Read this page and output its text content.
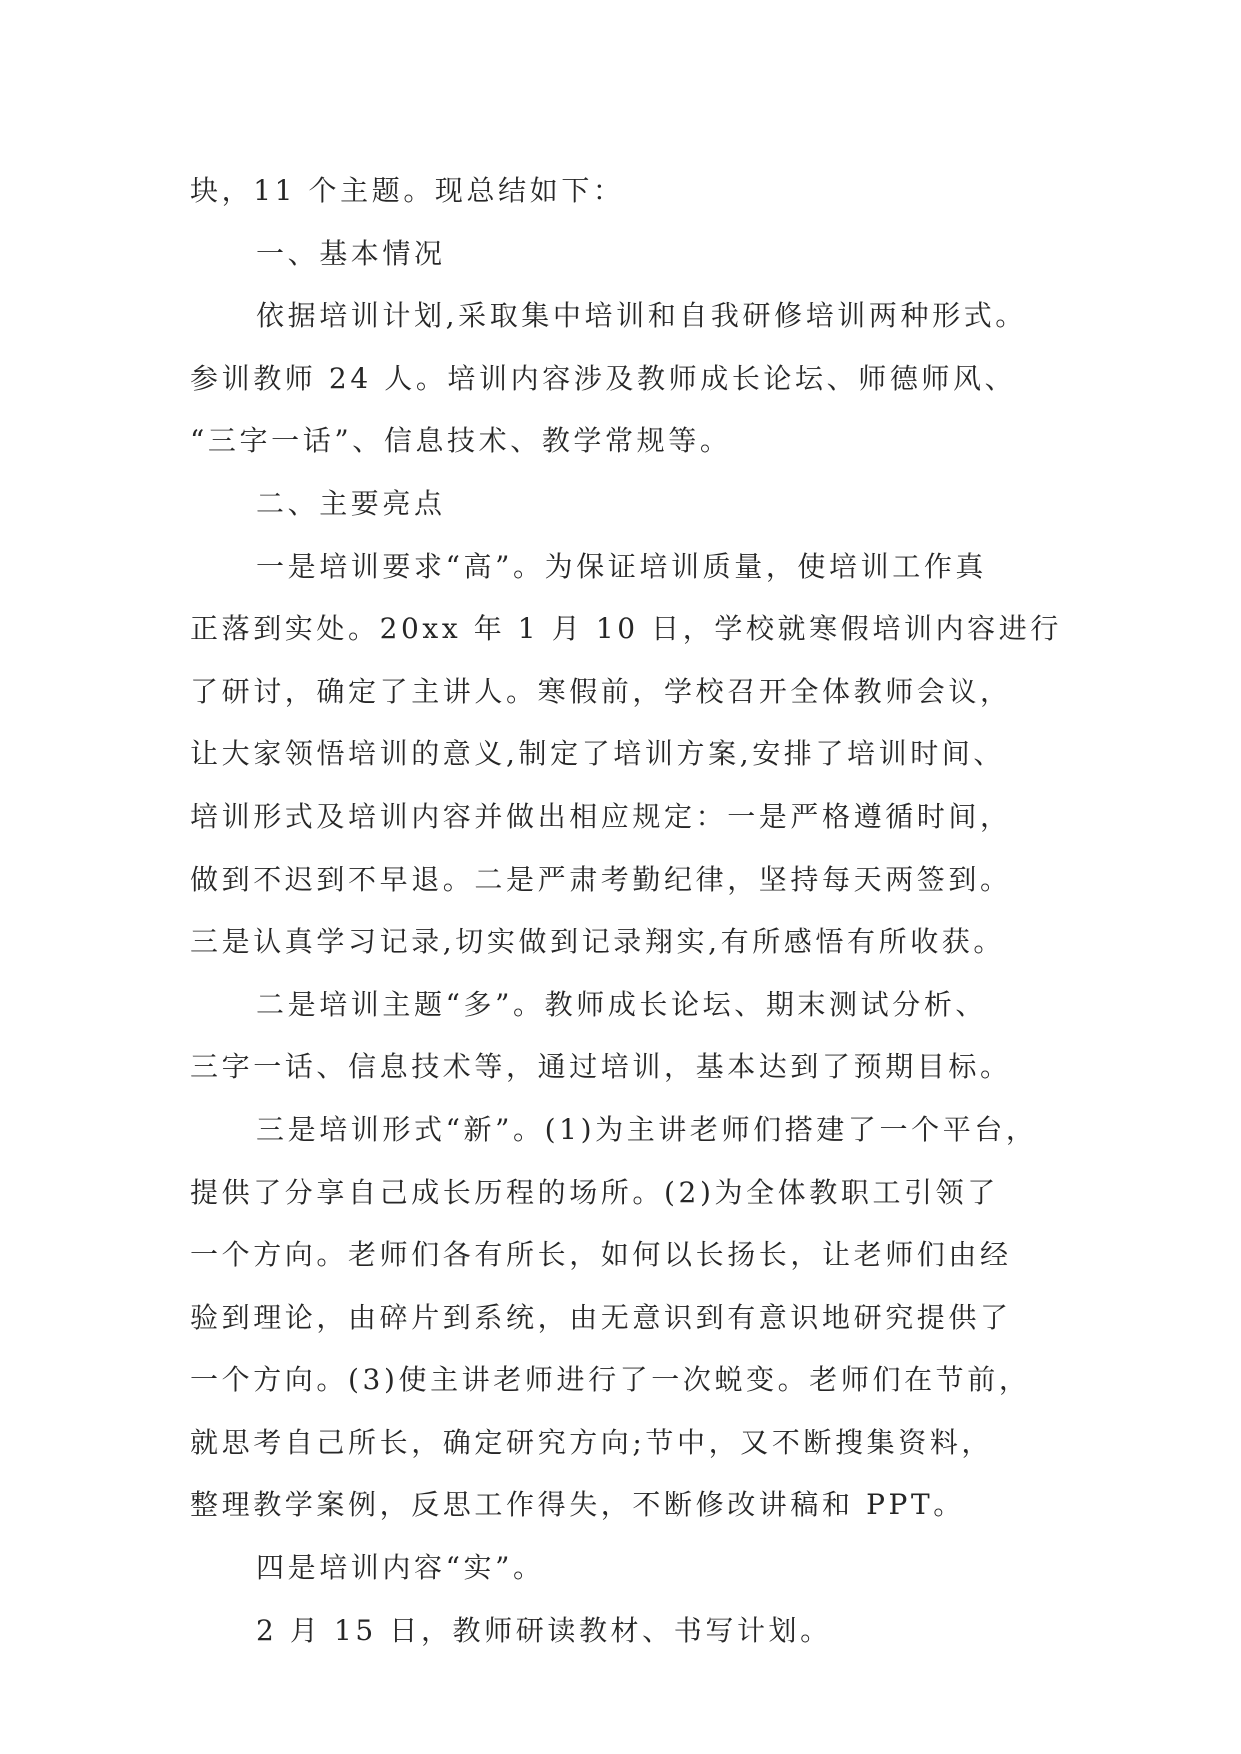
块，11 个主题。现总结如下：
一、基本情况
依据培训计划,采取集中培训和自我研修培训两种形式。
参训教师 24 人。培训内容涉及教师成长论坛、师德师风、
“三字一话”、信息技术、教学常规等。
二、主要亮点
一是培训要求“高”。为保证培训质量，使培训工作真
正落到实处。20xx 年 1 月 10 日，学校就寒假培训内容进行
了研讨，确定了主讲人。寒假前，学校召开全体教师会议，
让大家领悟培训的意义,制定了培训方案,安排了培训时间、
培训形式及培训内容并做出相应规定：一是严格遵循时间，
做到不迟到不早退。二是严肃考勤纪律，坚持每天两签到。
三是认真学习记录,切实做到记录翔实,有所感悟有所收获。
二是培训主题“多”。教师成长论坛、期末测试分析、
三字一话、信息技术等，通过培训，基本达到了预期目标。
三是培训形式“新”。(1)为主讲老师们搭建了一个平台，
提供了分享自己成长历程的场所。(2)为全体教职工引领了
一个方向。老师们各有所长，如何以长扬长，让老师们由经
验到理论，由碎片到系统，由无意识到有意识地研究提供了
一个方向。(3)使主讲老师进行了一次蜕变。老师们在节前，
就思考自己所长，确定研究方向;节中，又不断搜集资料，
整理教学案例，反思工作得失，不断修改讲稿和 PPT。
四是培训内容“实”。
2 月 15 日，教师研读教材、书写计划。
